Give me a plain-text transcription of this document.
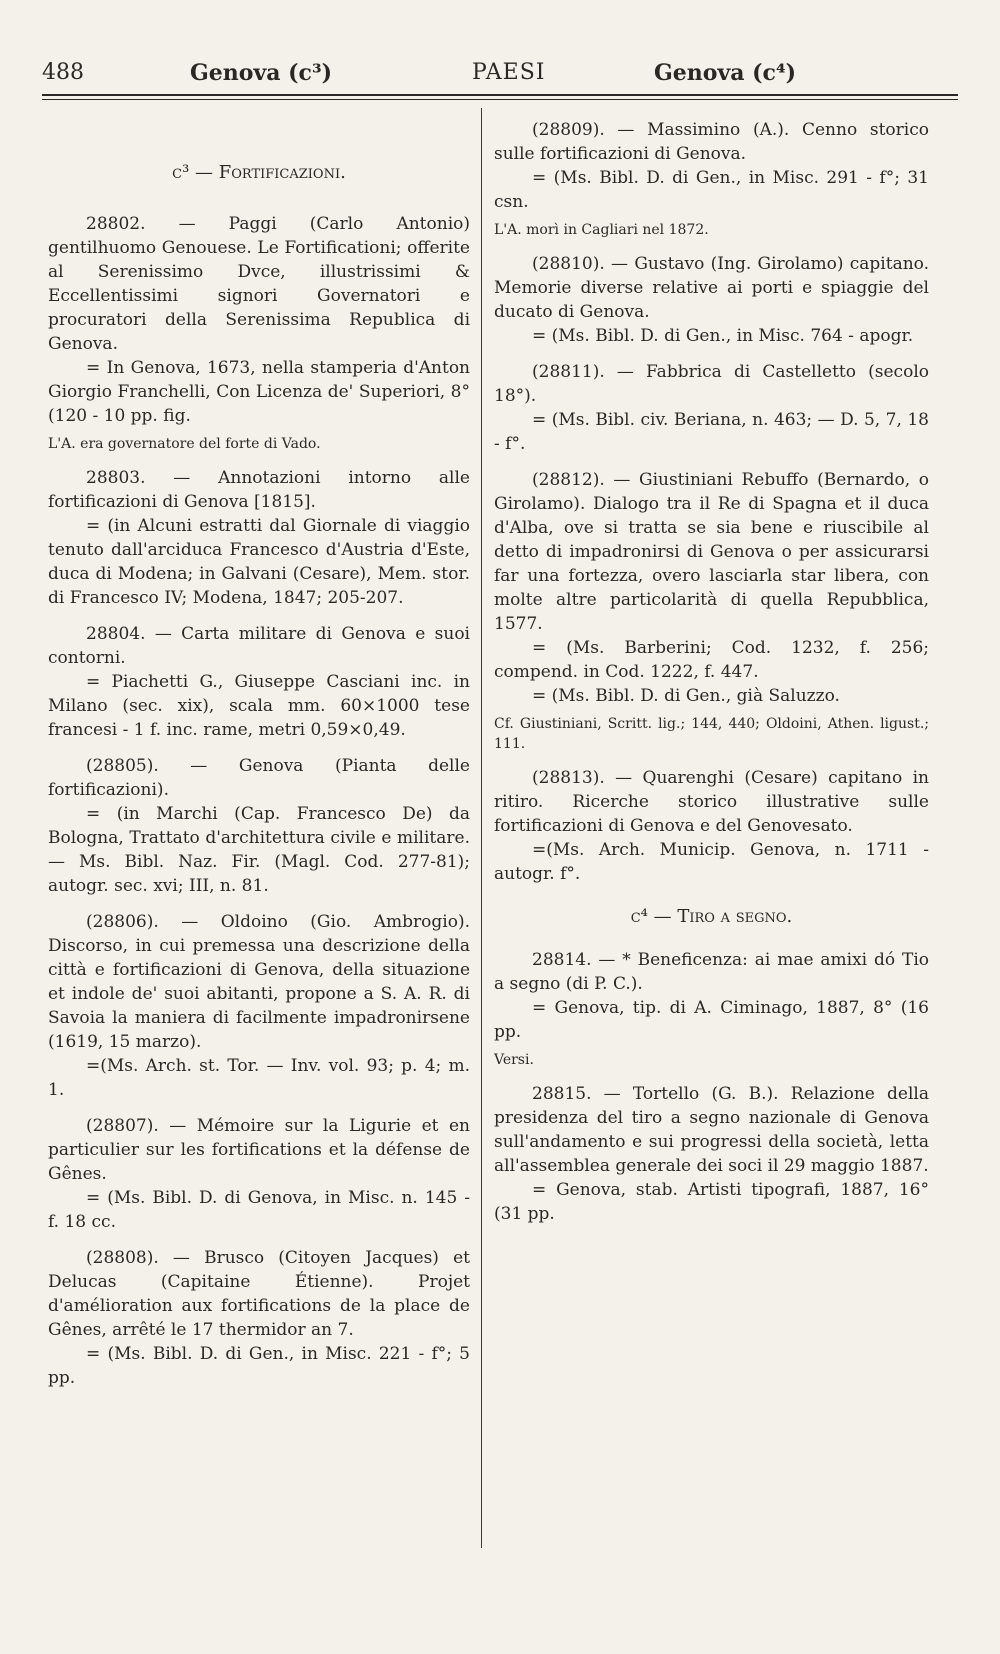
488	Genova (c³)	PAESI	Genova (c⁴)
c³ — Fortificazioni.

28802. — Paggi (Carlo Antonio) gentilhuomo Genouese. Le Fortificationi; offerite al Serenissimo Dvce, illustrissimi & Eccellentissimi signori Governatori e procuratori della Serenissima Republica di Genova.

= In Genova, 1673, nella stamperia d'Anton Giorgio Franchelli, Con Licenza de' Superiori, 8° (120 - 10 pp. fig.

L'A. era governatore del forte di Vado.

28803. — Annotazioni intorno alle fortificazioni di Genova [1815].

= (in Alcuni estratti dal Giornale di viaggio tenuto dall'arciduca Francesco d'Austria d'Este, duca di Modena; in Galvani (Cesare), Mem. stor. di Francesco IV; Modena, 1847; 205-207.

28804. — Carta militare di Genova e suoi contorni.

= Piachetti G., Giuseppe Casciani inc. in Milano (sec. xix), scala mm. 60×1000 tese francesi - 1 f. inc. rame, metri 0,59×0,49.

(28805). — Genova (Pianta delle fortificazioni).

= (in Marchi (Cap. Francesco De) da Bologna, Trattato d'architettura civile e militare. — Ms. Bibl. Naz. Fir. (Magl. Cod. 277-81); autogr. sec. xvi; III, n. 81.

(28806). — Oldoino (Gio. Ambrogio). Discorso, in cui premessa una descrizione della città e fortificazioni di Genova, della situazione et indole de' suoi abitanti, propone a S. A. R. di Savoia la maniera di facilmente impadronirsene (1619, 15 marzo).

=(Ms. Arch. st. Tor. — Inv. vol. 93; p. 4; m. 1.

(28807). — Mémoire sur la Ligurie et en particulier sur les fortifications et la défense de Gênes.

= (Ms. Bibl. D. di Genova, in Misc. n. 145 - f. 18 cc.

(28808). — Brusco (Citoyen Jacques) et Delucas (Capitaine Étienne). Projet d'amélioration aux fortifications de la place de Gênes, arrêté le 17 thermidor an 7.

= (Ms. Bibl. D. di Gen., in Misc. 221 - f°; 5 pp.

(28809). — Massimino (A.). Cenno storico sulle fortificazioni di Genova.

= (Ms. Bibl. D. di Gen., in Misc. 291 - f°; 31 csn.

L'A. morì in Cagliari nel 1872.

(28810). — Gustavo (Ing. Girolamo) capitano. Memorie diverse relative ai porti e spiaggie del ducato di Genova.

= (Ms. Bibl. D. di Gen., in Misc. 764 - apogr.

(28811). — Fabbrica di Castelletto (secolo 18°).

= (Ms. Bibl. civ. Beriana, n. 463; — D. 5, 7, 18 - f°.

(28812). — Giustiniani Rebuffo (Bernardo, o Girolamo). Dialogo tra il Re di Spagna et il duca d'Alba, ove si tratta se sia bene e riuscibile al detto di impadronirsi di Genova o per assicurarsi far una fortezza, overo lasciarla star libera, con molte altre particolarità di quella Repubblica, 1577.

= (Ms. Barberini; Cod. 1232, f. 256; compend. in Cod. 1222, f. 447.

= (Ms. Bibl. D. di Gen., già Saluzzo.

Cf. Giustiniani, Scritt. lig.; 144, 440; Oldoini, Athen. ligust.; 111.

(28813). — Quarenghi (Cesare) capitano in ritiro. Ricerche storico illustrative sulle fortificazioni di Genova e del Genovesato.

=(Ms. Arch. Municip. Genova, n. 1711 - autogr. f°.

c⁴ — Tiro a segno.

28814. — * Beneficenza: ai mae amixi dó Tio a segno (di P. C.).

= Genova, tip. di A. Ciminago, 1887, 8° (16 pp.

Versi.

28815. — Tortello (G. B.). Relazione della presidenza del tiro a segno nazionale di Genova sull'andamento e sui progressi della società, letta all'assemblea generale dei soci il 29 maggio 1887.

= Genova, stab. Artisti tipografi, 1887, 16° (31 pp.
